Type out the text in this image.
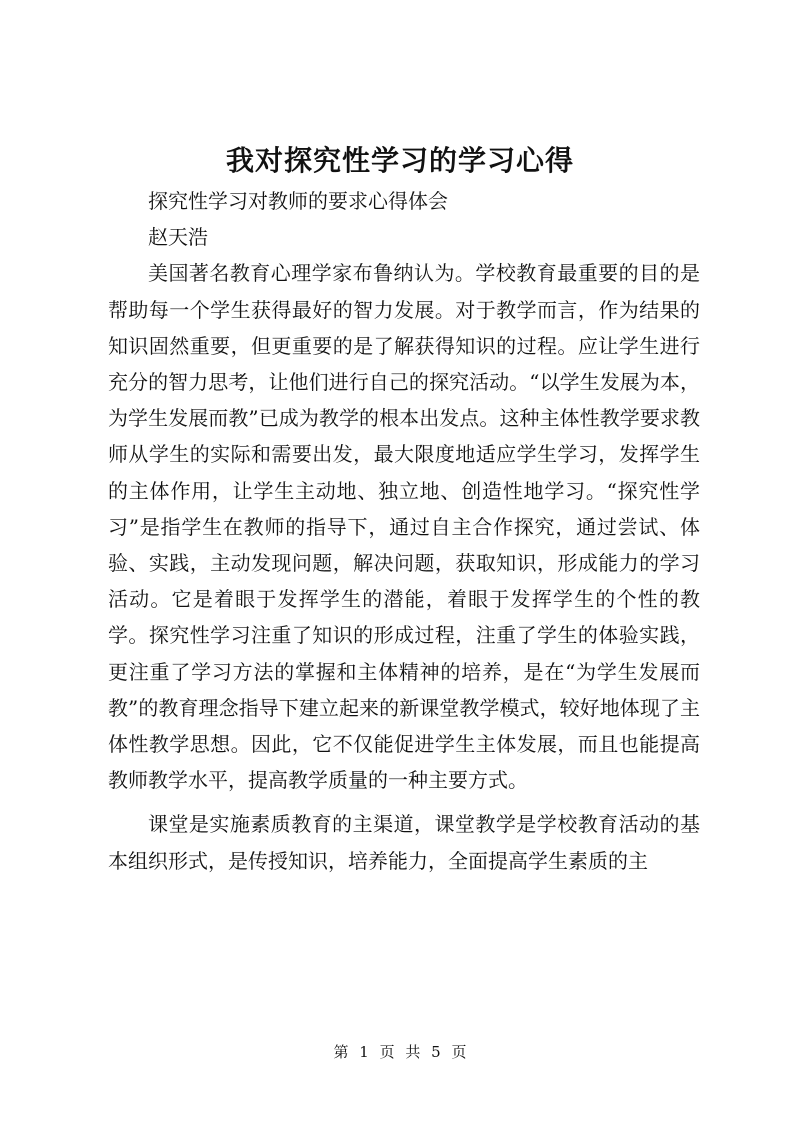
我对探究性学习的学习心得

探究性学习对教师的要求心得体会

赵天浩

美国著名教育心理学家布鲁纳认为。学校教育最重要的目的是帮助每一个学生获得最好的智力发展。对于教学而言，作为结果的知识固然重要，但更重要的是了解获得知识的过程。应让学生进行充分的智力思考，让他们进行自己的探究活动。“以学生发展为本，为学生发展而教”已成为教学的根本出发点。这种主体性教学要求教师从学生的实际和需要出发，最大限度地适应学生学习，发挥学生的主体作用，让学生主动地、独立地、创造性地学习。“探究性学习”是指学生在教师的指导下，通过自主合作探究，通过尝试、体验、实践，主动发现问题，解决问题，获取知识，形成能力的学习活动。它是着眼于发挥学生的潜能，着眼于发挥学生的个性的教学。探究性学习注重了知识的形成过程，注重了学生的体验实践，更注重了学习方法的掌握和主体精神的培养，是在“为学生发展而教”的教育理念指导下建立起来的新课堂教学模式，较好地体现了主体性教学思想。因此，它不仅能促进学生主体发展，而且也能提高教师教学水平，提高教学质量的一种主要方式。

课堂是实施素质教育的主渠道，课堂教学是学校教育活动的基本组织形式，是传授知识，培养能力，全面提高学生素质的主

第 1 页 共 5 页
